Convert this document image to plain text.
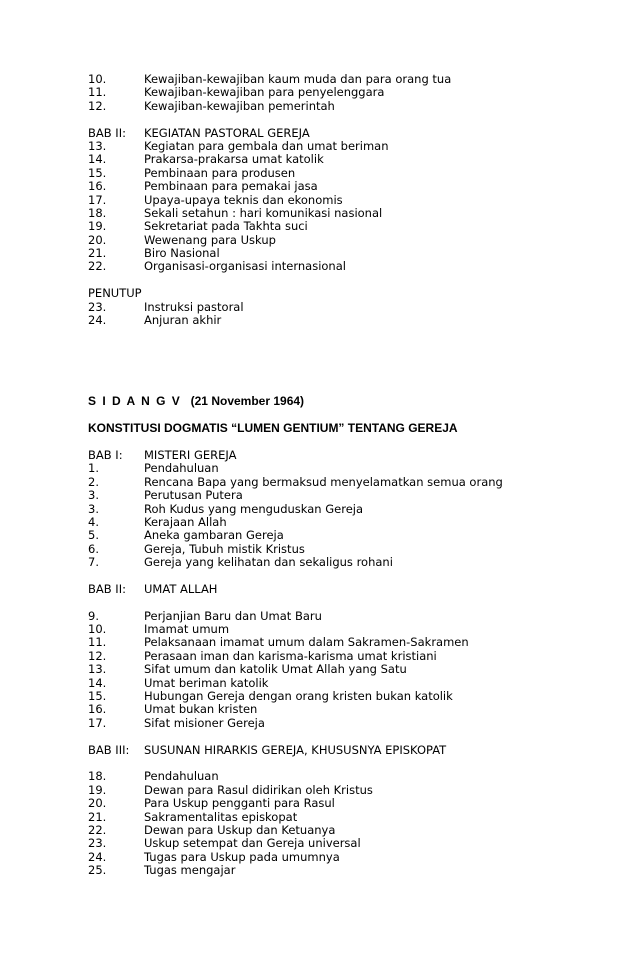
10.	Kewajiban-kewajiban kaum muda dan para orang tua
11.	Kewajiban-kewajiban para penyelenggara
12.	Kewajiban-kewajiban pemerintah
BAB II:	KEGIATAN PASTORAL GEREJA
13.	Kegiatan para gembala dan umat beriman
14.	Prakarsa-prakarsa umat katolik
15.	Pembinaan para produsen
16.	Pembinaan para pemakai jasa
17.	Upaya-upaya teknis dan ekonomis
18.	Sekali setahun : hari komunikasi nasional
19.	Sekretariat pada Takhta suci
20.	Wewenang para Uskup
21.	Biro Nasional
22.	Organisasi-organisasi internasional
PENUTUP
23.	Instruksi pastoral
24.	Anjuran akhir
S I D A N G V (21 November 1964)
KONSTITUSI DOGMATIS “LUMEN GENTIUM” TENTANG GEREJA
BAB I:	MISTERI GEREJA
1.	Pendahuluan
2.	Rencana Bapa yang bermaksud menyelamatkan semua orang
3.	Perutusan Putera
3.	Roh Kudus yang menguduskan Gereja
4.	Kerajaan Allah
5.	Aneka gambaran Gereja
6.	Gereja, Tubuh mistik Kristus
7.	Gereja yang kelihatan dan sekaligus rohani
BAB II:	UMAT ALLAH
9.	Perjanjian Baru dan Umat Baru
10.	Imamat umum
11.	Pelaksanaan imamat umum dalam Sakramen-Sakramen
12.	Perasaan iman dan karisma-karisma umat kristiani
13.	Sifat umum dan katolik Umat Allah yang Satu
14.	Umat beriman katolik
15.	Hubungan Gereja dengan orang kristen bukan katolik
16.	Umat bukan kristen
17.	Sifat misioner Gereja
BAB III:	SUSUNAN HIRARKIS GEREJA, KHUSUSNYA EPISKOPAT
18.	Pendahuluan
19.	Dewan para Rasul didirikan oleh Kristus
20.	Para Uskup pengganti para Rasul
21.	Sakramentalitas episkopat
22.	Dewan para Uskup dan Ketuanya
23.	Uskup setempat dan Gereja universal
24.	Tugas para Uskup pada umumnya
25.	Tugas mengajar
